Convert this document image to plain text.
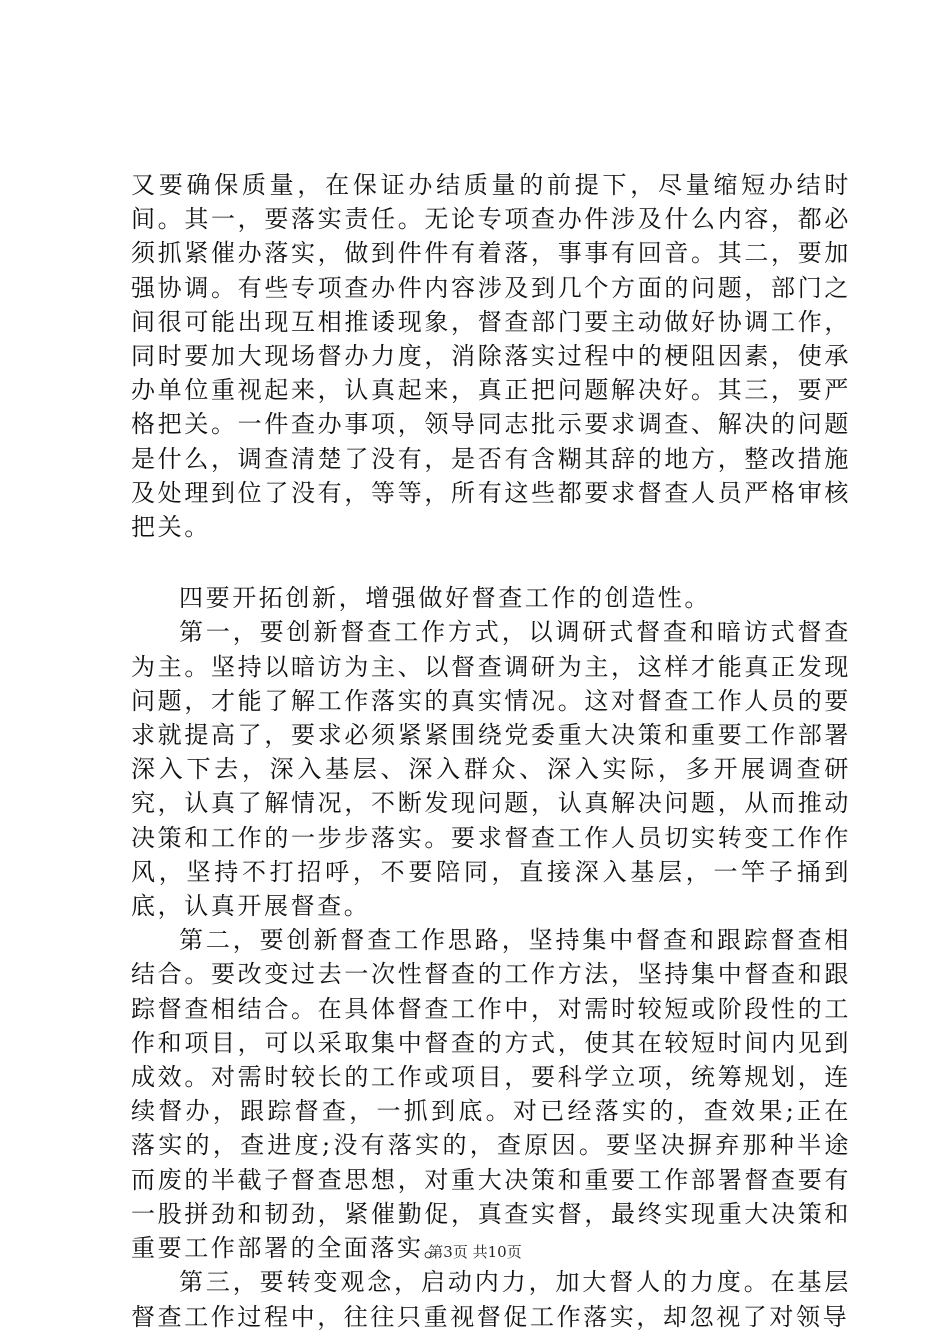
又要确保质量，在保证办结质量的前提下，尽量缩短办结时间。其一，要落实责任。无论专项查办件涉及什么内容，都必须抓紧催办落实，做到件件有着落，事事有回音。其二，要加强协调。有些专项查办件内容涉及到几个方面的问题，部门之间很可能出现互相推诿现象，督查部门要主动做好协调工作，同时要加大现场督办力度，消除落实过程中的梗阻因素，使承办单位重视起来，认真起来，真正把问题解决好。其三，要严格把关。一件查办事项，领导同志批示要求调查、解决的问题是什么，调查清楚了没有，是否有含糊其辞的地方，整改措施及处理到位了没有，等等，所有这些都要求督查人员严格审核把关。

四要开拓创新，增强做好督查工作的创造性。

第一，要创新督查工作方式，以调研式督查和暗访式督查为主。坚持以暗访为主、以督查调研为主，这样才能真正发现问题，才能了解工作落实的真实情况。这对督查工作人员的要求就提高了，要求必须紧紧围绕党委重大决策和重要工作部署深入下去，深入基层、深入群众、深入实际，多开展调查研究，认真了解情况，不断发现问题，认真解决问题，从而推动决策和工作的一步步落实。要求督查工作人员切实转变工作作风，坚持不打招呼，不要陪同，直接深入基层，一竿子捅到底，认真开展督查。

第二，要创新督查工作思路，坚持集中督查和跟踪督查相结合。要改变过去一次性督查的工作方法，坚持集中督查和跟踪督查相结合。在具体督查工作中，对需时较短或阶段性的工作和项目，可以采取集中督查的方式，使其在较短时间内见到成效。对需时较长的工作或项目，要科学立项，统筹规划，连续督办，跟踪督查，一抓到底。对已经落实的，查效果;正在落实的，查进度;没有落实的，查原因。要坚决摒弃那种半途而废的半截子督查思想，对重大决策和重要工作部署督查要有一股拼劲和韧劲，紧催勤促，真查实督，最终实现重大决策和重要工作部署的全面落实。

第三，要转变观念，启动内力，加大督人的力度。在基层督查工作过程中，往往只重视督促工作落实，却忽视了对领导

第3页 共10页
